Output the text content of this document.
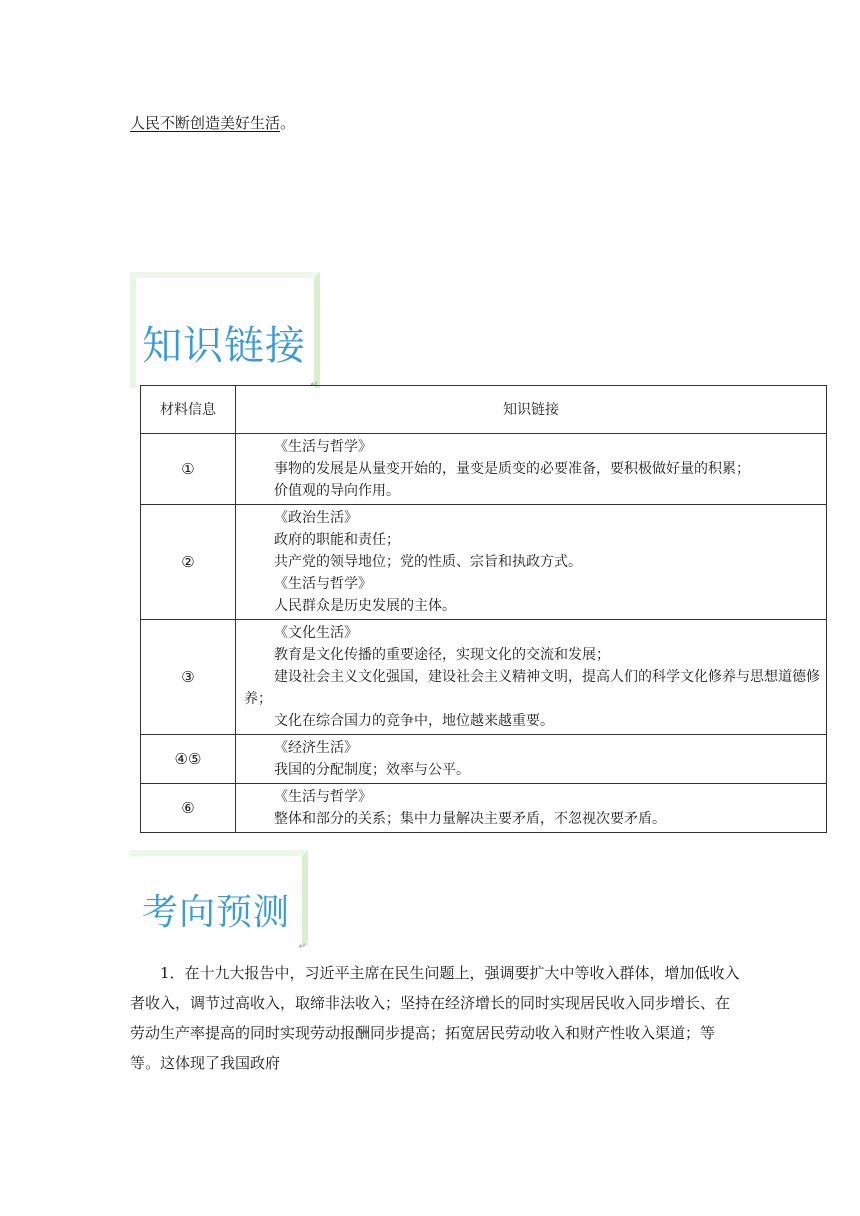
人民不断创造美好生活。
知识链接
↵
材料信息	知识链接
①	《生活与哲学》

事物的发展是从量变开始的，量变是质变的必要准备，要积极做好量的积累；

价值观的导向作用。

②	《政治生活》

政府的职能和责任；

共产党的领导地位；党的性质、宗旨和执政方式。

《生活与哲学》

人民群众是历史发展的主体。

③	《文化生活》

教育是文化传播的重要途径，实现文化的交流和发展；

建设社会主义文化强国，建设社会主义精神文明，提高人们的科学文化修养与思想道德修养；

文化在综合国力的竞争中，地位越来越重要。

④⑤	《经济生活》

我国的分配制度；效率与公平。

⑥	《生活与哲学》

整体和部分的关系；集中力量解决主要矛盾，不忽视次要矛盾。

考向预测
↵
1．在十九大报告中，习近平主席在民生问题上，强调要扩大中等收入群体，增加低收入者收入，调节过高收入，取缔非法收入；坚持在经济增长的同时实现居民收入同步增长、在劳动生产率提高的同时实现劳动报酬同步提高；拓宽居民劳动收入和财产性收入渠道；等等。这体现了我国政府
